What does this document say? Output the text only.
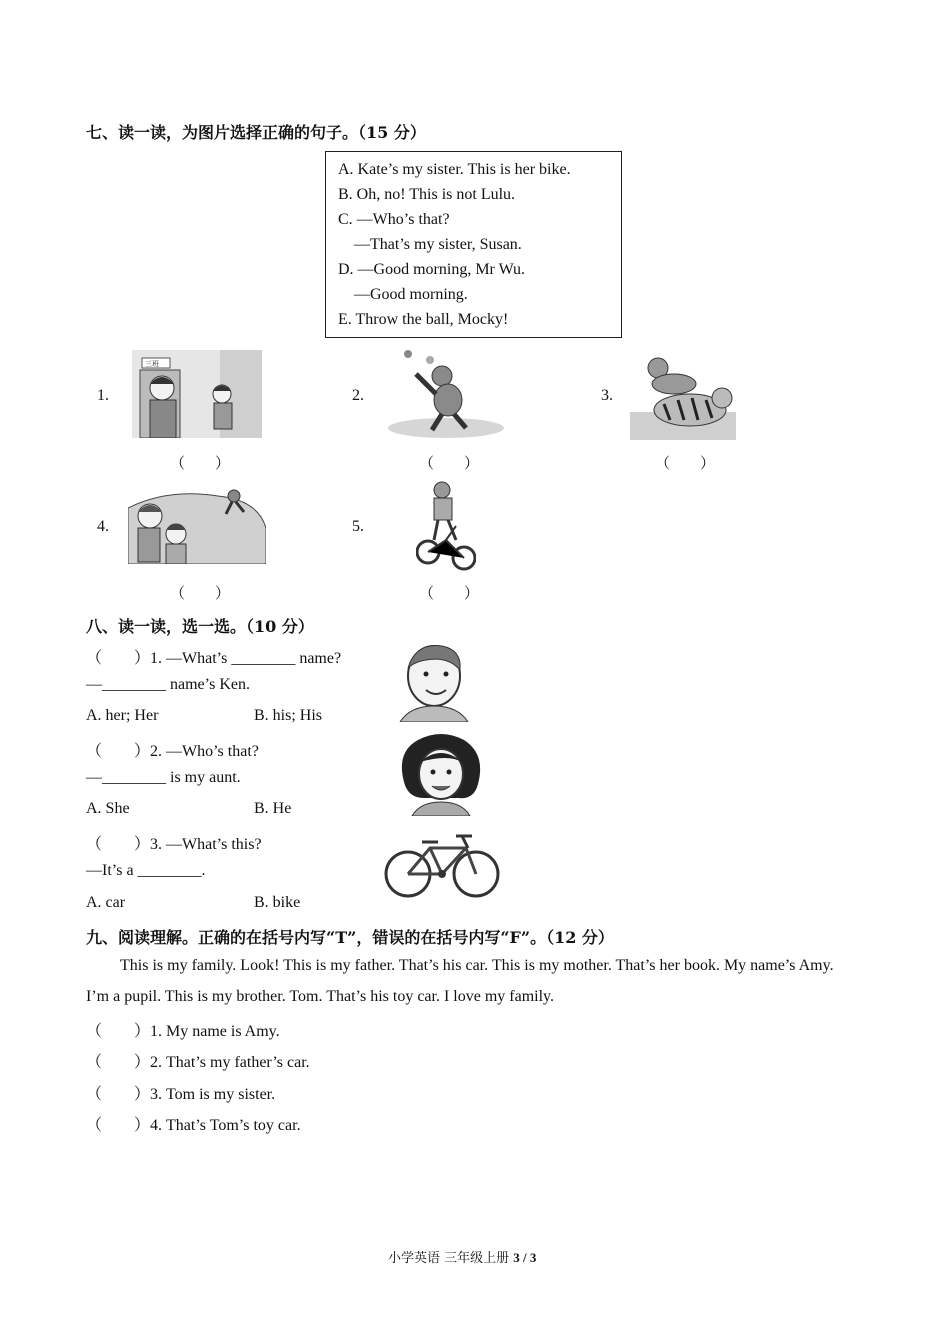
七、读一读，为图片选择正确的句子。（15 分）
A. Kate’s my sister. This is her bike.
B. Oh, no! This is not Lulu.
C. —Who’s that?
—That’s my sister, Susan.
D. —Good morning, Mr Wu.
—Good morning.
E. Throw the ball, Mocky!
1.
三班
（　　）
2.
（　　）
3.
（　　）
4.
（　　）
5.
（　　）
八、读一读，选一选。（10 分）
（　　）1. —What’s ________ name?
—________ name’s Ken.
A. her; Her	B. his; His
（　　）2. —Who’s that?
—________ is my aunt.
A. She	B. He
（　　）3. —What’s this?
—It’s a ________.
A. car	B. bike
九、阅读理解。正确的在括号内写“T”，错误的在括号内写“F”。（12 分）
This is my family. Look! This is my father. That’s his car. This is my mother. That’s her book. My name’s Amy.
I’m a pupil. This is my brother. Tom. That’s his toy car. I love my family.
（　　）1. My name is Amy.
（　　）2. That’s my father’s car.
（　　）3. Tom is my sister.
（　　）4. That’s Tom’s toy car.
小学英语 三年级上册 3 / 3
